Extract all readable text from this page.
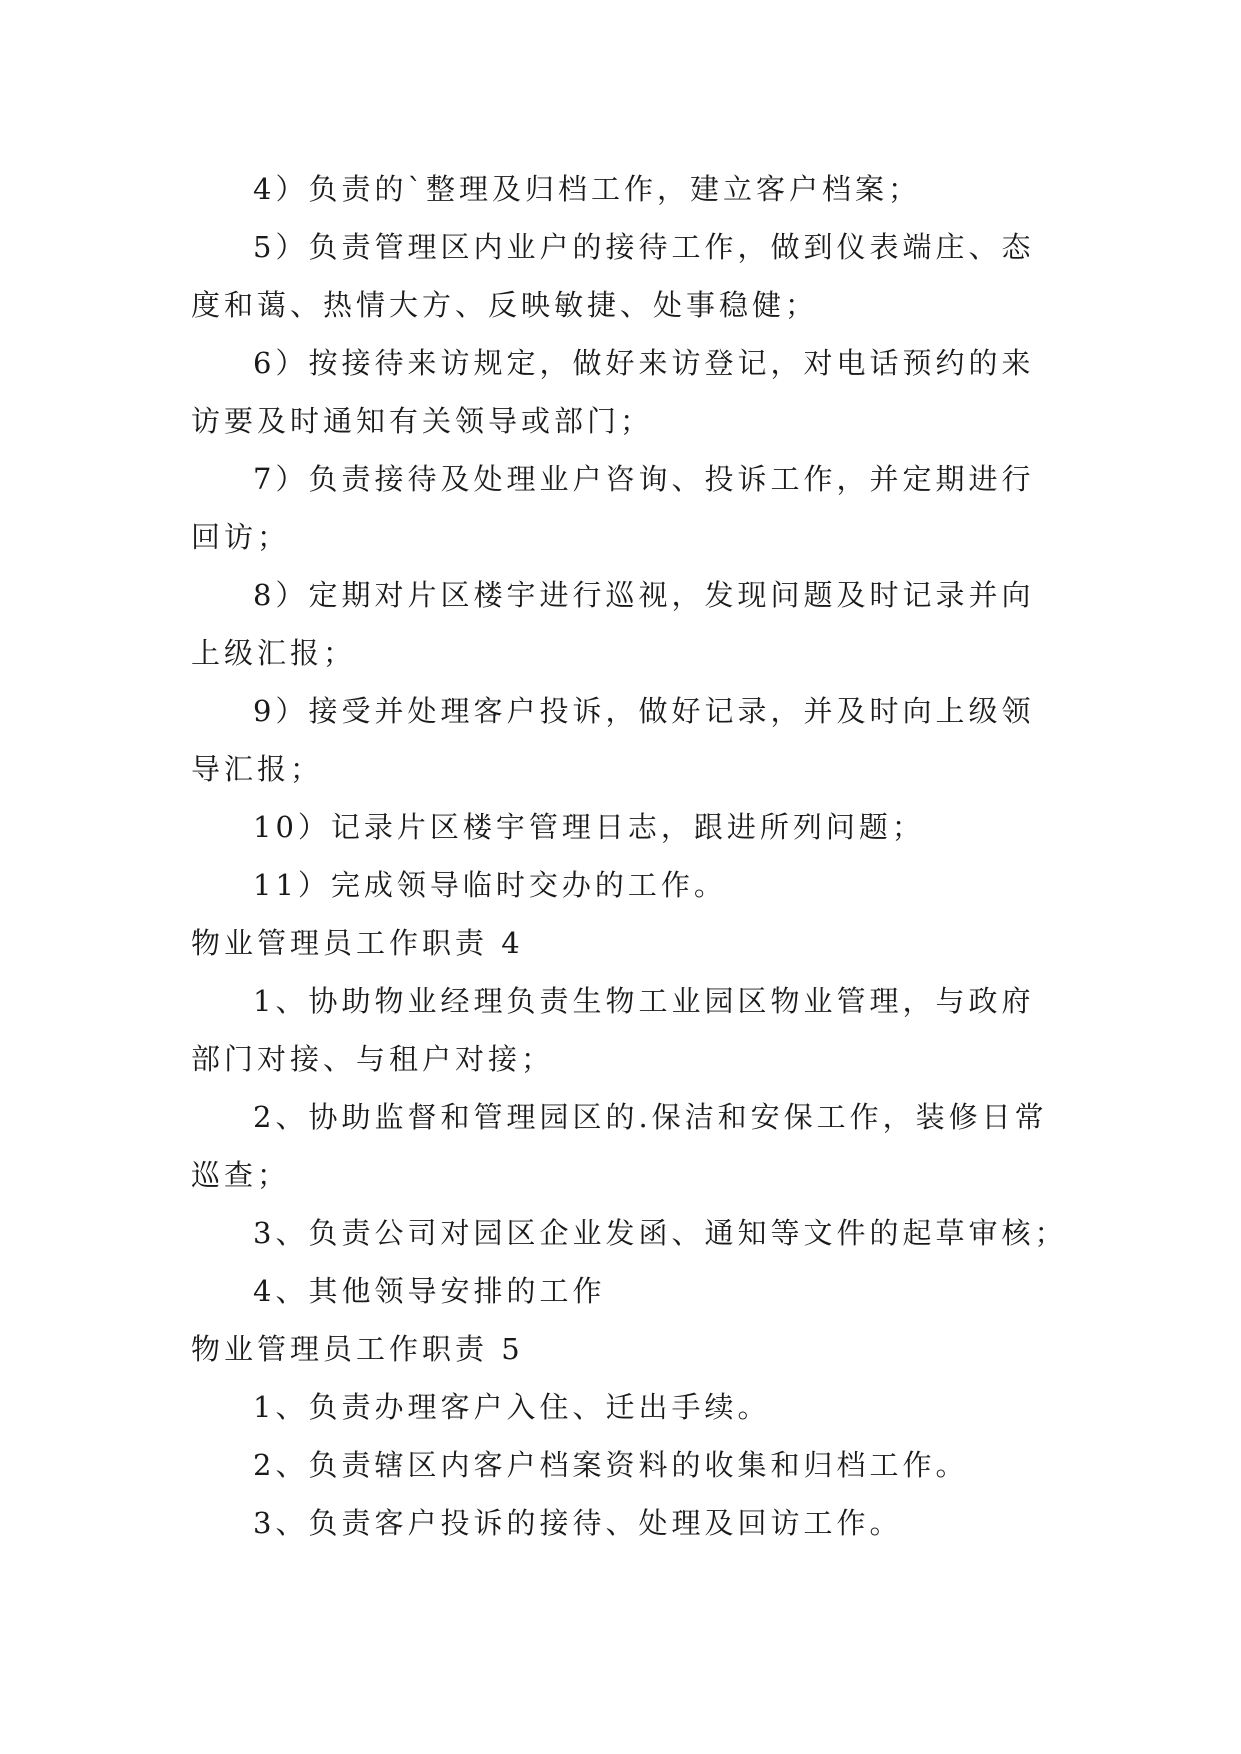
4）负责的`整理及归档工作，建立客户档案；

5）负责管理区内业户的接待工作，做到仪表端庄、态

度和蔼、热情大方、反映敏捷、处事稳健；

6）按接待来访规定，做好来访登记，对电话预约的来

访要及时通知有关领导或部门；

7）负责接待及处理业户咨询、投诉工作，并定期进行

回访；

8）定期对片区楼宇进行巡视，发现问题及时记录并向

上级汇报；

9）接受并处理客户投诉，做好记录，并及时向上级领

导汇报；

10）记录片区楼宇管理日志，跟进所列问题；

11）完成领导临时交办的工作。

物业管理员工作职责 4

1、协助物业经理负责生物工业园区物业管理，与政府

部门对接、与租户对接；

2、协助监督和管理园区的.保洁和安保工作，装修日常

巡查；

3、负责公司对园区企业发函、通知等文件的起草审核；

4、其他领导安排的工作

物业管理员工作职责 5

1、负责办理客户入住、迁出手续。

2、负责辖区内客户档案资料的收集和归档工作。

3、负责客户投诉的接待、处理及回访工作。
